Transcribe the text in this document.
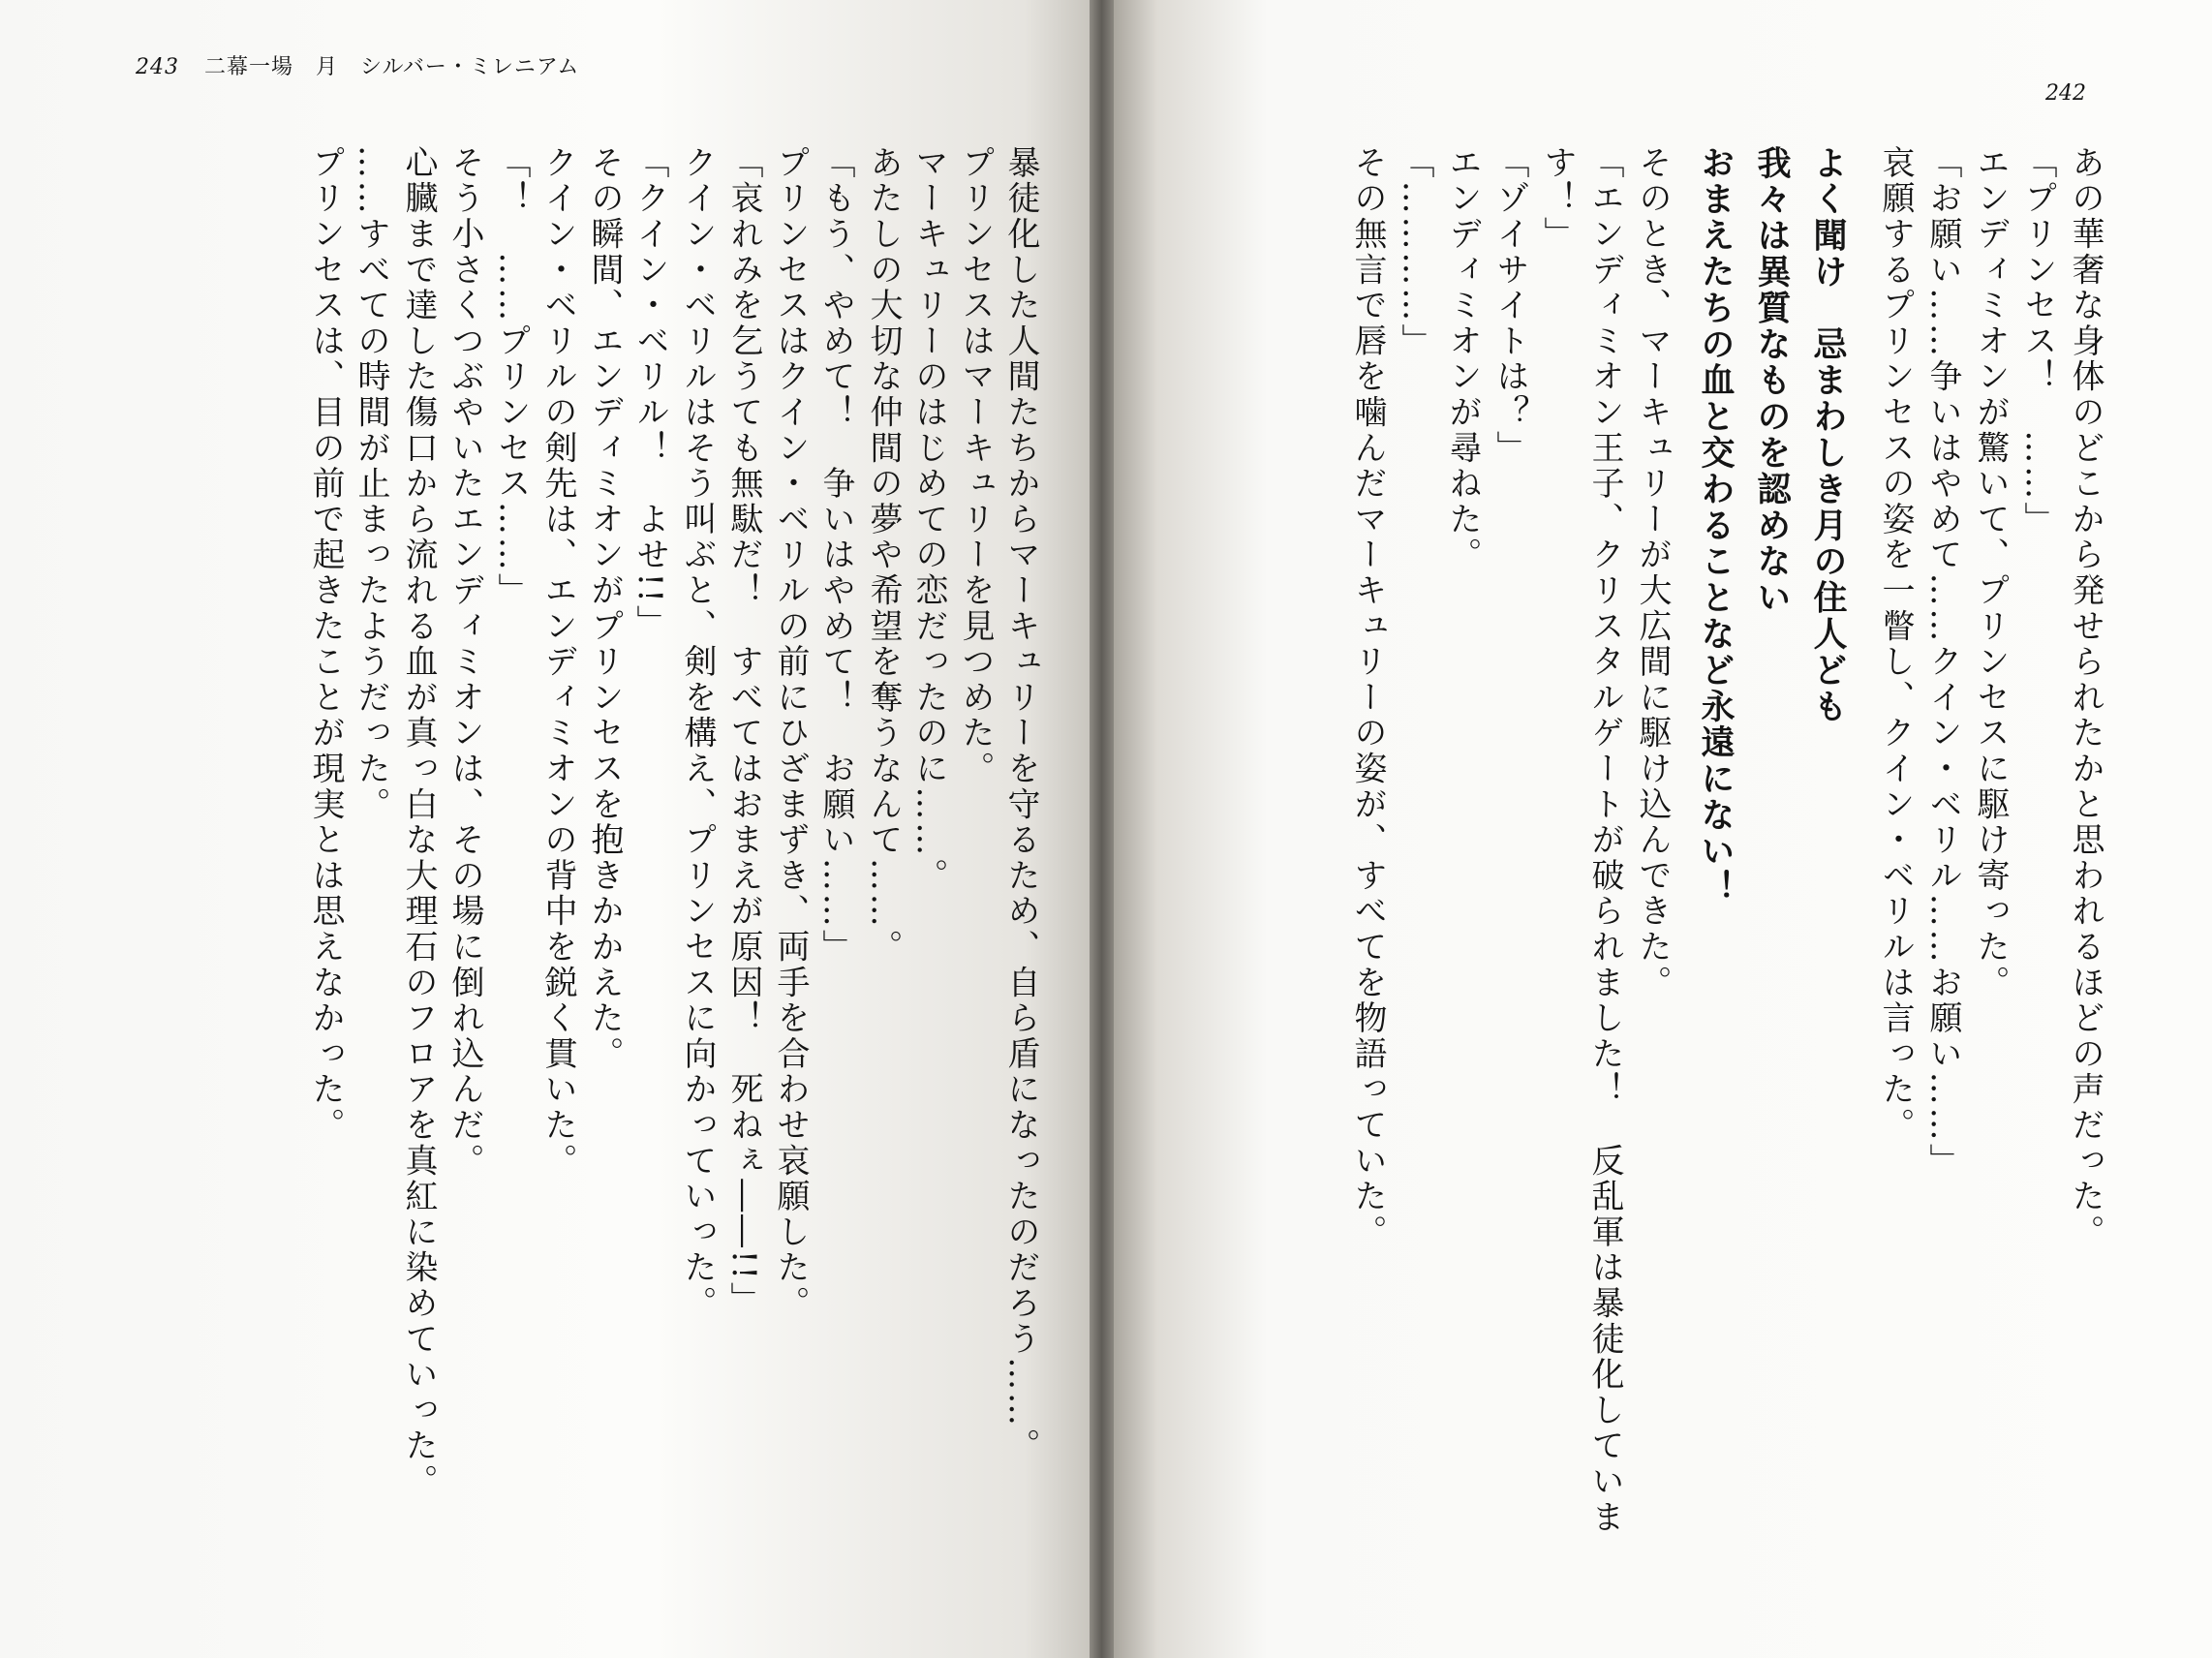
243 二幕一場　月　シルバー・ミレニアム
暴徒化した人間たちからマーキュリーを守るため、自ら盾になったのだろう……。
プリンセスはマーキュリーを見つめた。
マーキュリーのはじめての恋だったのに……。
あたしの大切な仲間の夢や希望を奪うなんて……。
「もう、やめて！　争いはやめて！　お願い……」
プリンセスはクイン・ベリルの前にひざまずき、両手を合わせ哀願した。
「哀れみを乞うても無駄だ！　すべてはおまえが原因！　死ねぇ――!!」
クイン・ベリルはそう叫ぶと、剣を構え、プリンセスに向かっていった。
「クイン・ベリル！　よせ!!」
その瞬間、エンディミオンがプリンセスを抱きかかえた。
クイン・ベリルの剣先は、エンディミオンの背中を鋭く貫いた。
「！　……プリンセス……」
そう小さくつぶやいたエンディミオンは、その場に倒れ込んだ。
心臓まで達した傷口から流れる血が真っ白な大理石のフロアを真紅に染めていった。
……すべての時間が止まったようだった。
プリンセスは、目の前で起きたことが現実とは思えなかった。
242
あの華奢な身体のどこから発せられたかと思われるほどの声だった。
「プリンセス！　……」
エンディミオンが驚いて、プリンセスに駆け寄った。
「お願い……争いはやめて……クイン・ベリル……お願い……」
哀願するプリンセスの姿を一瞥し、クイン・ベリルは言った。
よく聞け　忌まわしき月の住人ども
我々は異質なものを認めない
おまえたちの血と交わることなど永遠にない！
そのとき、マーキュリーが大広間に駆け込んできた。
「エンディミオン王子、クリスタルゲートが破られました！　反乱軍は暴徒化していま
す！」
「ゾイサイトは？」
エンディミオンが尋ねた。
「…………」
その無言で唇を噛んだマーキュリーの姿が、すべてを物語っていた。
